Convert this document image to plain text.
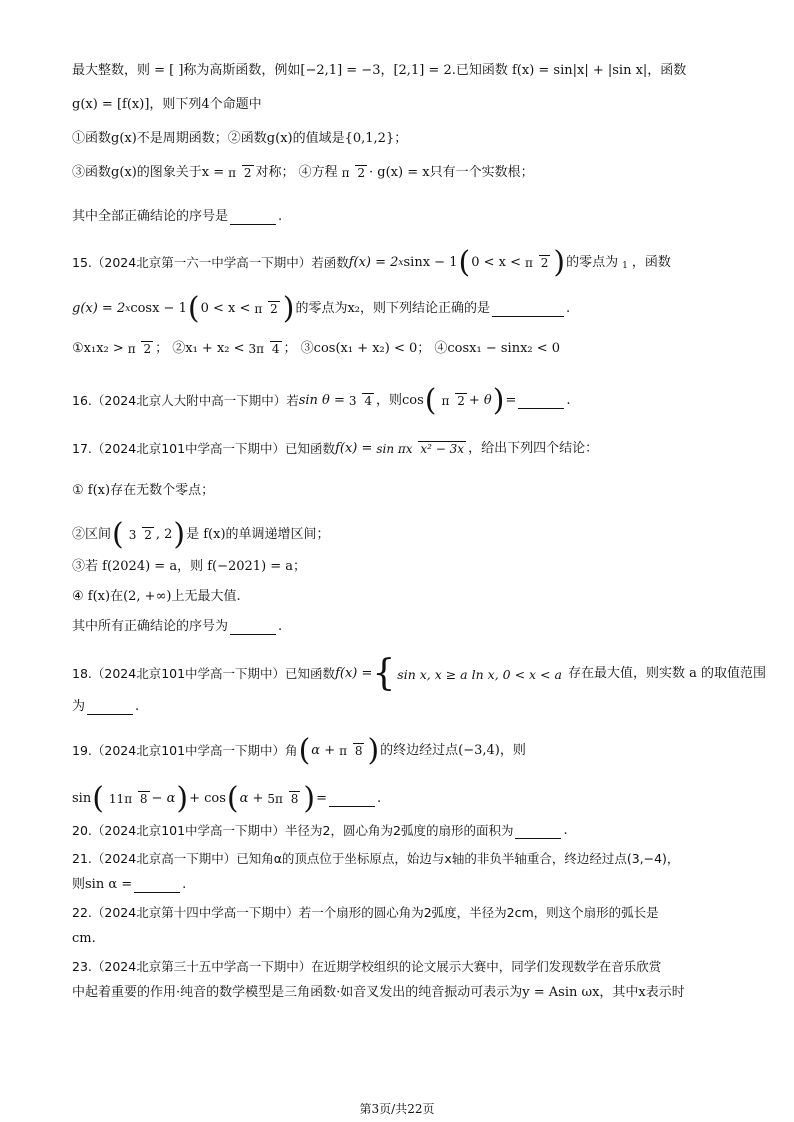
最大整数，则 = [ ]称为高斯函数，例如[−2,1] = −3，[2,1] = 2.已知函数 f(x) = sin|x| + |sin x|，函数
g(x) = [f(x)]，则下列4个命题中
①函数g(x)不是周期函数；②函数g(x)的值域是{0,1,2}；
③函数g(x)的图象关于x = π 2 对称； ④方程 π 2 · g(x) = x只有一个实数根；
其中全部正确结论的序号是	.
15.（2024北京第一六一中学高一下期中）若函数 f(x) = 2 x sinx − 1 ( 0 < x < π 2 ) 的零点为 $_1$ ，函数
g(x) = 2 x cosx − 1 ( 0 < x < π 2 ) 的零点为x₂，则下列结论正确的是	.
①x₁x₂ > π 2 ； ②x₁ + x₂ < 3π 4 ； ③cos(x₁ + x₂) < 0； ④cosx₁ − sinx₂ < 0
16.（2024北京人大附中高一下期中）若 sin θ = 3 4 ，则cos ( π 2 + θ ) =	.
17.（2024北京101中学高一下期中）已知函数 f(x) = sin πx x² − 3x ，给出下列四个结论：
① f(x)存在无数个零点；
②区间 ( 3 2 , 2 ) 是 f(x)的单调递增区间；
③若 f(2024) = a，则 f(−2021) = a；
④ f(x)在(2, +∞)上无最大值.
其中所有正确结论的序号为	.
18.（2024北京101中学高一下期中）已知函数 f(x) = { sin x, x ≥ a ln x, 0 < x < a 存在最大值，则实数 a 的取值范围
为	.
19.（2024北京101中学高一下期中）角 ( α + π 8 ) 的终边经过点(−3,4)，则
sin ( 11π 8 − α ) + cos ( α + 5π 8 ) =	.
20.（2024北京101中学高一下期中）半径为2，圆心角为2弧度的扇形的面积为	.
21.（2024北京高一下期中）已知角α的顶点位于坐标原点，始边与x轴的非负半轴重合，终边经过点(3,−4)，
则sin α =	.
22.（2024北京第十四中学高一下期中）若一个扇形的圆心角为2弧度，半径为2cm，则这个扇形的弧长是
cm.
23.（2024北京第三十五中学高一下期中）在近期学校组织的论文展示大赛中，同学们发现数学在音乐欣赏
中起着重要的作用·纯音的数学模型是三角函数·如音叉发出的纯音振动可表示为y = Asin ωx，其中x表示时
第3页/共22页
